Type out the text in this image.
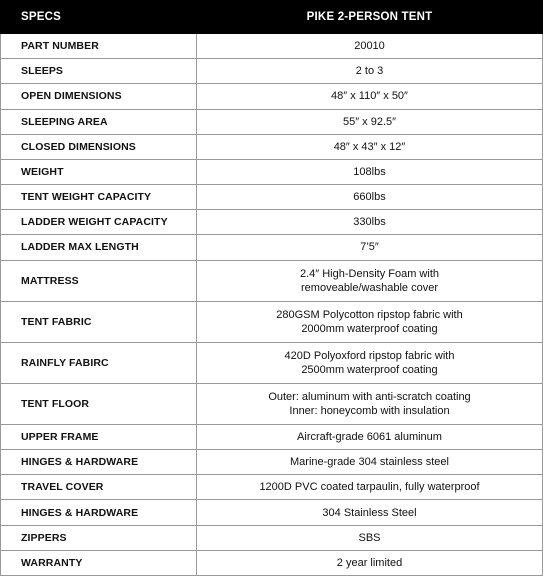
SPECS	PIKE 2-PERSON TENT
PART NUMBER	20010

SLEEPS	2 to 3

OPEN DIMENSIONS	48″ x 110″ x 50″

SLEEPING AREA	55″ x 92.5″

CLOSED DIMENSIONS	48″ x 43″ x 12″

WEIGHT	108lbs

TENT WEIGHT CAPACITY	660lbs

LADDER WEIGHT CAPACITY	330lbs

LADDER MAX LENGTH	7’5″

MATTRESS	2.4″ High-Density Foam with
removeable/washable cover

TENT FABRIC	280GSM Polycotton ripstop fabric with
2000mm waterproof coating

RAINFLY FABIRC	420D Polyoxford ripstop fabric with
2500mm waterproof coating

TENT FLOOR	Outer: aluminum with anti-scratch coating
Inner: honeycomb with insulation

UPPER FRAME	Aircraft-grade 6061 aluminum

HINGES & HARDWARE	Marine-grade 304 stainless steel

TRAVEL COVER	1200D PVC coated tarpaulin, fully waterproof

HINGES & HARDWARE	304 Stainless Steel

ZIPPERS	SBS

WARRANTY	2 year limited
